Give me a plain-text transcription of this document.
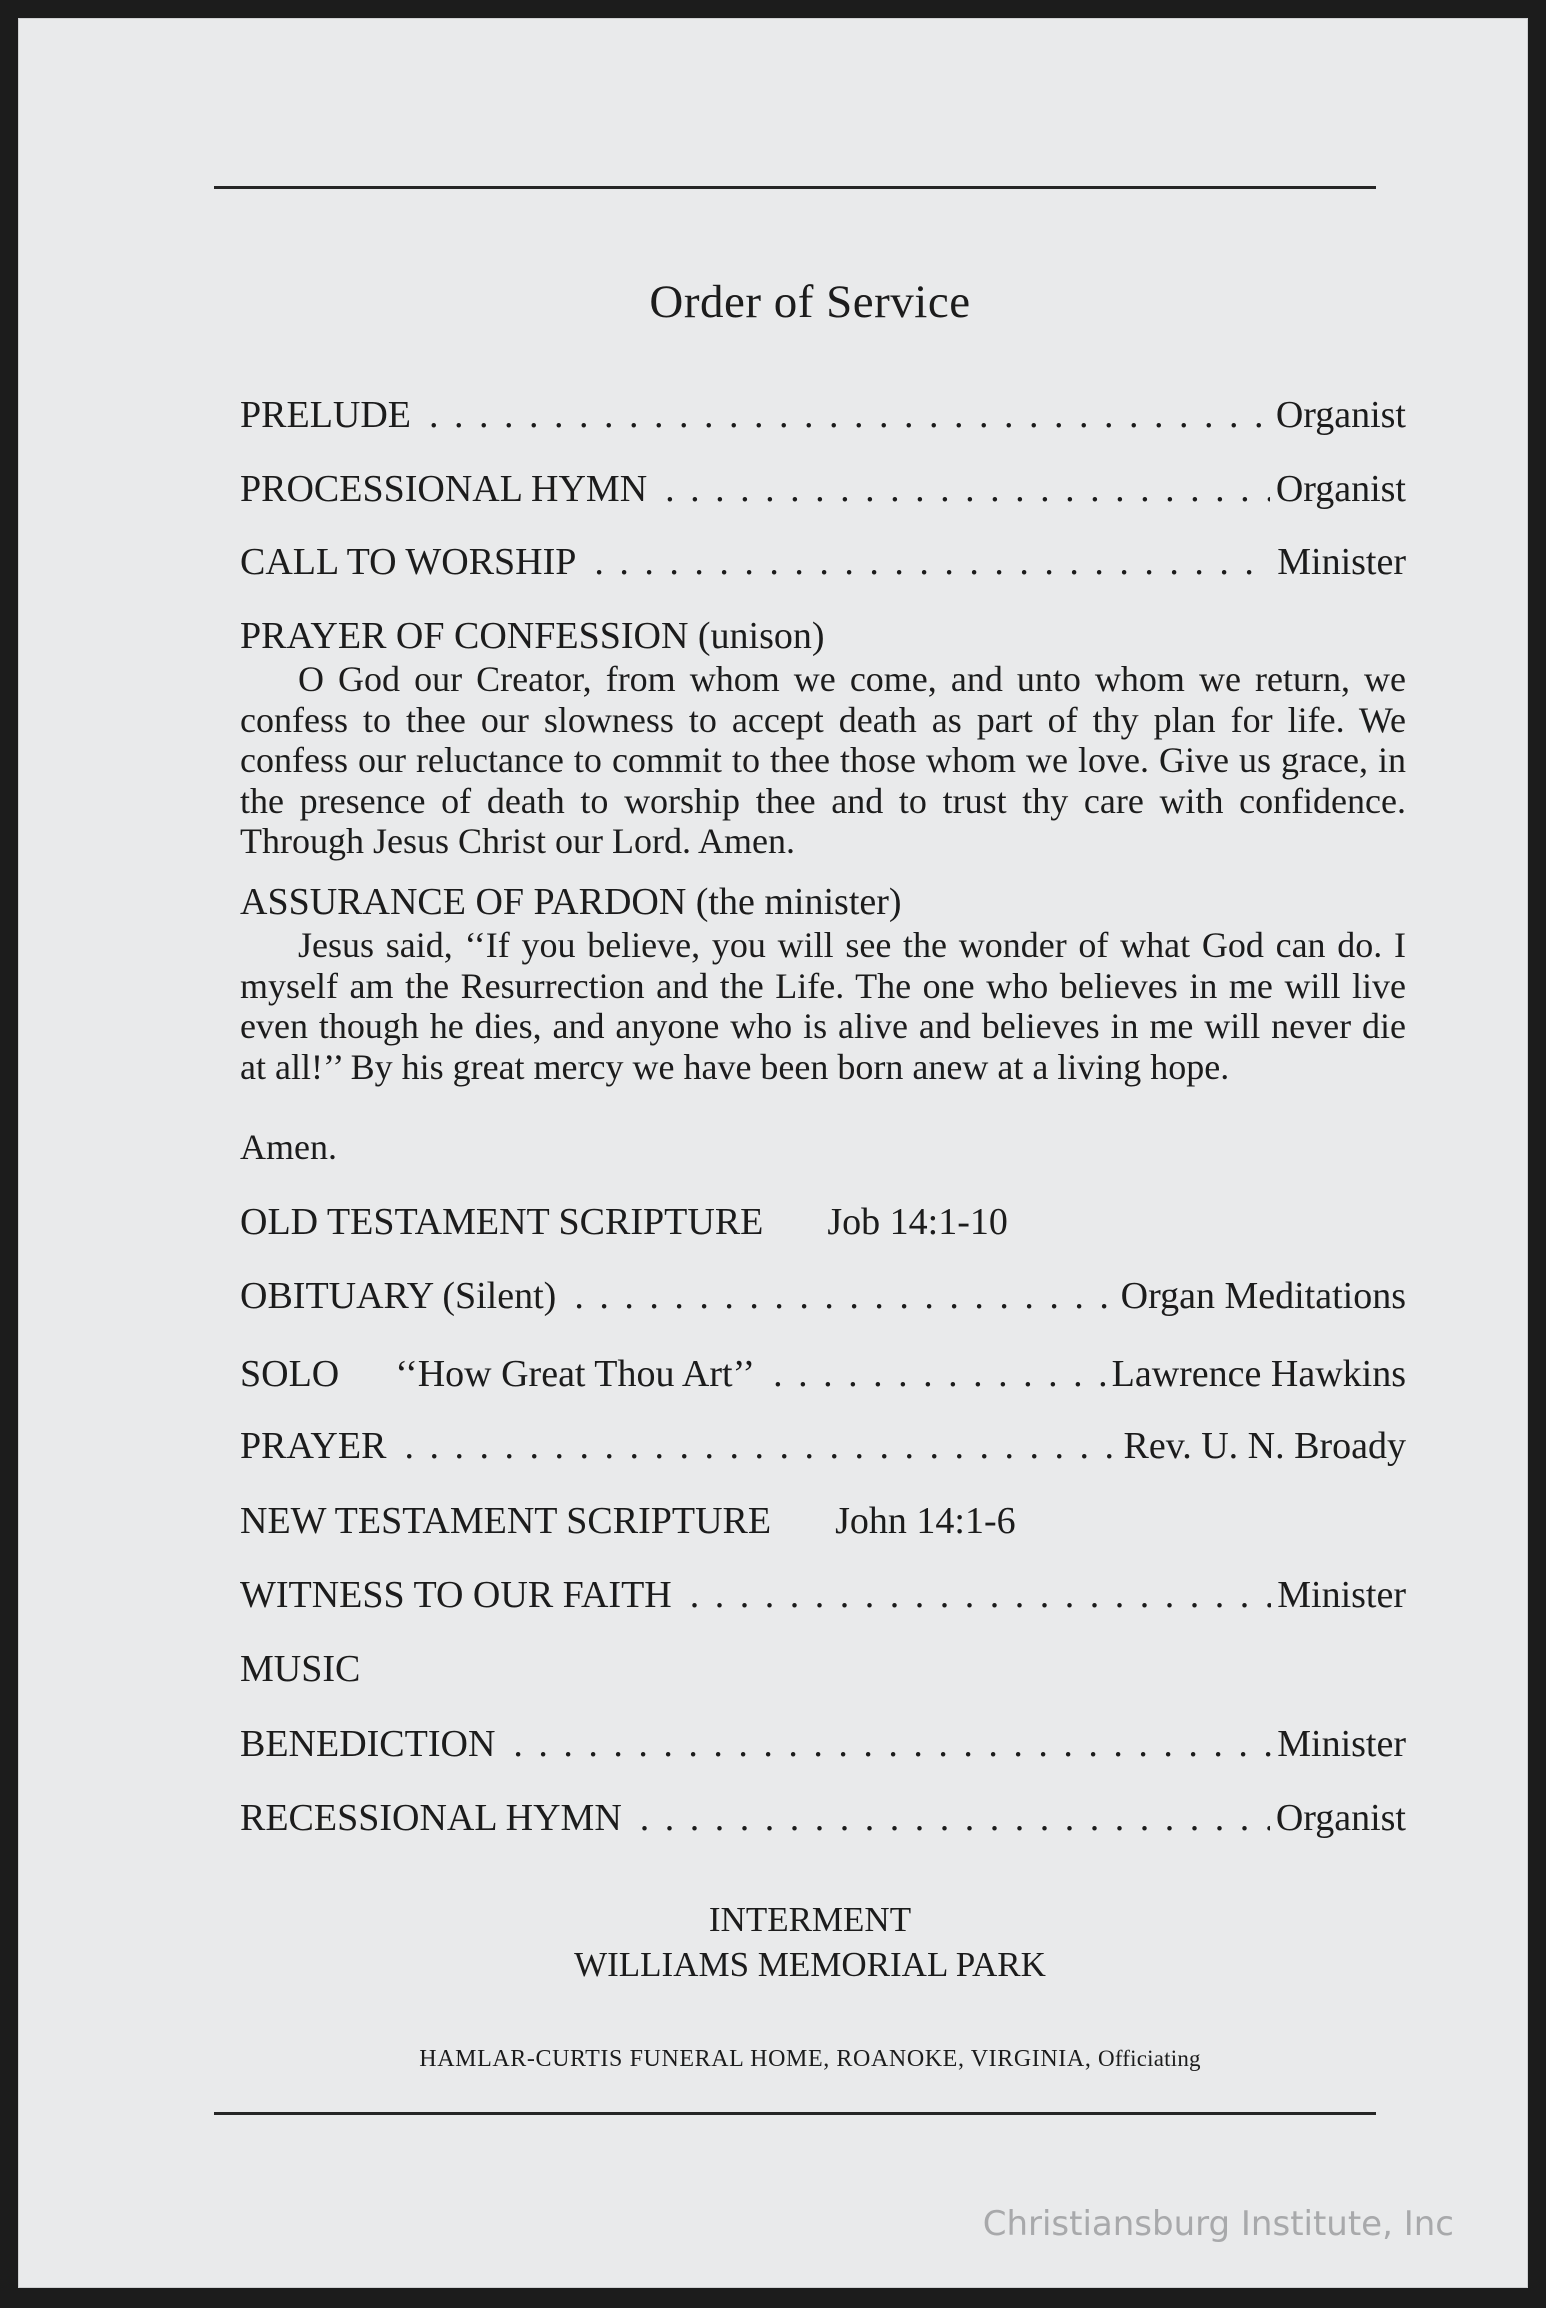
Order of Service
PRELUDE . . .	Organist
PROCESSIONAL HYMN . . .	Organist
CALL TO WORSHIP . . .	Minister
PRAYER OF CONFESSION (unison)
O God our Creator, from whom we come, and unto whom we return, we confess to thee our slowness to accept death as part of thy plan for life. We confess our reluctance to commit to thee those whom we love. Give us grace, in the presence of death to worship thee and to trust thy care with confidence. Through Jesus Christ our Lord. Amen.
ASSURANCE OF PARDON (the minister)
Jesus said, ‘‘If you believe, you will see the wonder of what God can do. I myself am the Resurrection and the Life. The one who believes in me will live even though he dies, and anyone who is alive and believes in me will never die at all!’’ By his great mercy we have been born anew at a living hope.
Amen.
OLD TESTAMENT SCRIPTURE Job 14:1-10
OBITUARY (Silent) . . .	Organ Meditations
SOLO ‘‘How Great Thou Art’’ . . .	Lawrence Hawkins
PRAYER . . .	Rev. U. N. Broady
NEW TESTAMENT SCRIPTURE John 14:1-6
WITNESS TO OUR FAITH . . .	Minister
MUSIC
BENEDICTION . . .	Minister
RECESSIONAL HYMN . . .	Organist
INTERMENT
WILLIAMS MEMORIAL PARK
HAMLAR-CURTIS FUNERAL HOME, ROANOKE, VIRGINIA, Officiating
Christiansburg Institute, Inc
